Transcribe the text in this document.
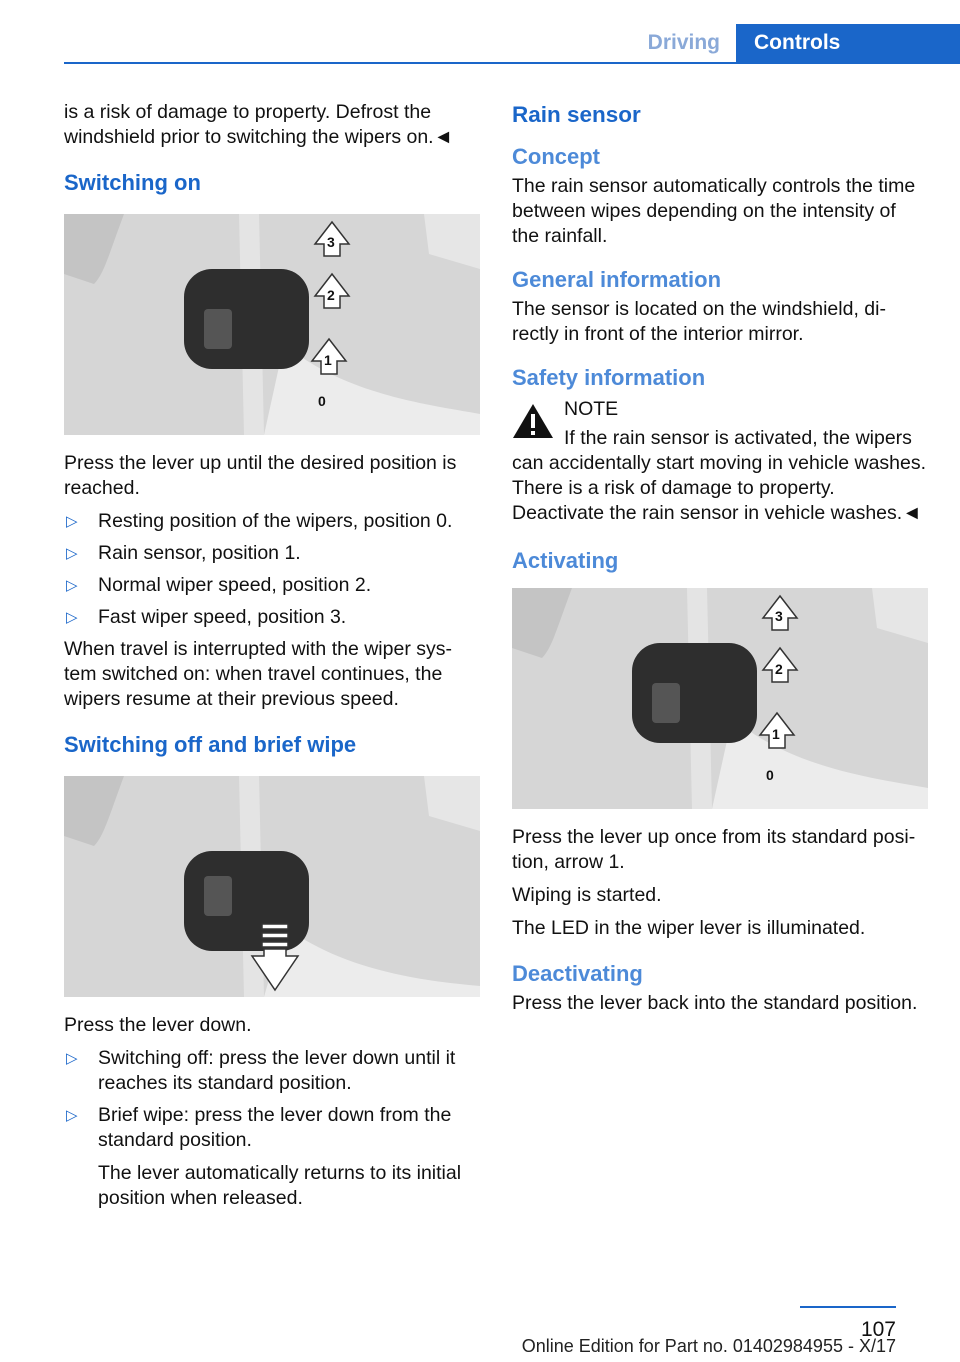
Driving	Controls

is a risk of damage to property. Defrost the windshield prior to switching the wipers on.◄

Switching on
3
2
1
0

Press the lever up until the desired position is reached.

▷ Resting position of the wipers, position 0.
▷ Rain sensor, position 1.
▷ Normal wiper speed, position 2.
▷ Fast wiper speed, position 3.

When travel is interrupted with the wiper sys-tem switched on: when travel continues, the wipers resume at their previous speed.

Switching off and brief wipe

Press the lever down.

▷ Switching off: press the lever down until it reaches its standard position.
▷ Brief wipe: press the lever down from the standard position.
The lever automatically returns to its initial position when released.
Rain sensor
Concept

The rain sensor automatically controls the time between wipes depending on the intensity of the rainfall.

General information

The sensor is located on the windshield, di-rectly in front of the interior mirror.

Safety information
NOTE
If the rain sensor is activated, the wipers can accidentally start moving in vehicle washes. There is a risk of damage to property. Deactivate the rain sensor in vehicle washes.◄
Activating
3
2
1
0

Press the lever up once from its standard posi-tion, arrow 1.

Wiping is started.

The LED in the wiper lever is illuminated.

Deactivating

Press the lever back into the standard position.

107
Online Edition for Part no. 01402984955 - X/17
